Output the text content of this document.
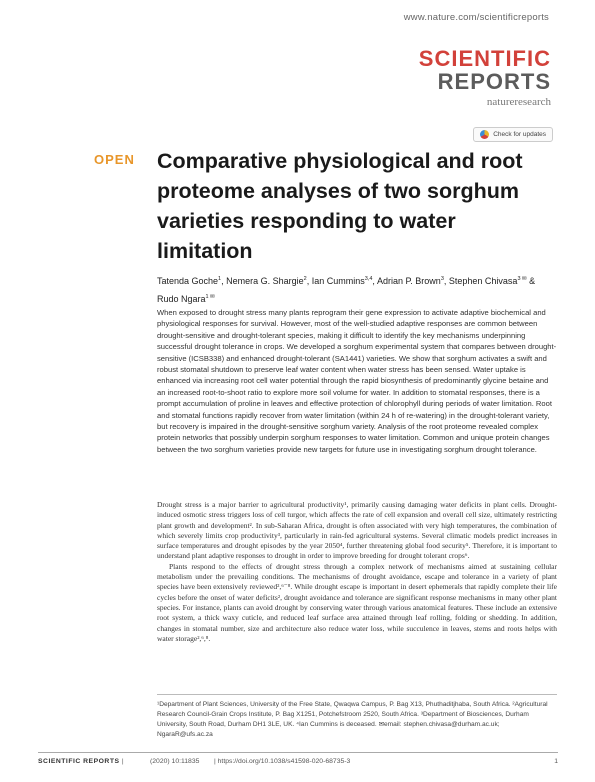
www.nature.com/scientificreports
SCIENTIFIC
REPORTS
natureresearch
Check for updates
OPEN Comparative physiological and root proteome analyses of two sorghum varieties responding to water limitation
Tatenda Goche$^1$, Nemera G. Shargie$^2$, Ian Cummins$^{3,4}$, Adrian P. Brown$^3$, Stephen Chivasa$^{3 ✉}$ & Rudo Ngara$^{1 ✉}$

When exposed to drought stress many plants reprogram their gene expression to activate adaptive biochemical and physiological responses for survival. However, most of the well-studied adaptive responses are common between drought-sensitive and drought-tolerant species, making it difficult to identify the key mechanisms underpinning successful drought tolerance in crops. We developed a sorghum experimental system that compares between drought-sensitive (ICSB338) and enhanced drought-tolerant (SA1441) varieties. We show that sorghum activates a swift and robust stomatal shutdown to preserve leaf water content when water stress has been sensed. Water uptake is enhanced via increasing root cell water potential through the rapid biosynthesis of predominantly glycine betaine and an increased root-to-shoot ratio to explore more soil volume for water. In addition to stomatal responses, there is a prompt accumulation of proline in leaves and effective protection of chlorophyll during periods of water limitation. Root and stomatal functions rapidly recover from water limitation (within 24 h of re-watering) in the drought-tolerant variety, but recovery is impaired in the drought-sensitive sorghum variety. Analysis of the root proteome revealed complex protein networks that possibly underpin sorghum responses to water limitation. Common and unique protein changes between the two sorghum varieties provide new targets for future use in investigating sorghum drought tolerance.

Drought stress is a major barrier to agricultural productivity¹, primarily causing damaging water deficits in plant cells. Drought-induced osmotic stress triggers loss of cell turgor, which affects the rate of cell expansion and overall cell size, ultimately restricting plant growth and development². In sub-Saharan Africa, drought is often associated with very high temperatures, the combination of which severely limits crop productivity³, particularly in rain-fed agricultural systems. Several climatic models predict increases in surface temperatures and drought episodes by the year 2050⁴, further threatening global food security⁵. Therefore, it is important to understand plant adaptive responses to drought in order to improve breeding for drought tolerant crops⁶.

Plants respond to the effects of drought stress through a complex network of mechanisms aimed at sustaining cellular metabolism under the prevailing conditions. The mechanisms of drought avoidance, escape and tolerance in a variety of plant species have been extensively reviewed²,⁶⁻⁸. While drought escape is important in desert ephemerals that rapidly complete their life cycles before the onset of water deficits², drought avoidance and tolerance are significant response mechanisms in many other plant species. For instance, plants can avoid drought by conserving water through various anatomical features. These include an extensive root system, a thick waxy cuticle, and reduced leaf surface area attained through leaf rolling, folding or shedding. In addition, changes in stomatal number, size and architecture also reduce water loss, while succulence in leaves, stems and roots helps with water storage²,⁶,⁸.

¹Department of Plant Sciences, University of the Free State, Qwaqwa Campus, P. Bag X13, Phuthaditjhaba, South Africa. ²Agricultural Research Council-Grain Crops Institute, P. Bag X1251, Potchefstroom 2520, South Africa. ³Department of Biosciences, Durham University, South Road, Durham DH1 3LE, UK. ⁴Ian Cummins is deceased. ✉email: stephen.chivasa@durham.ac.uk; NgaraR@ufs.ac.za
SCIENTIFIC REPORTS |	(2020) 10:11835 | https://doi.org/10.1038/s41598-020-68735-3	1
